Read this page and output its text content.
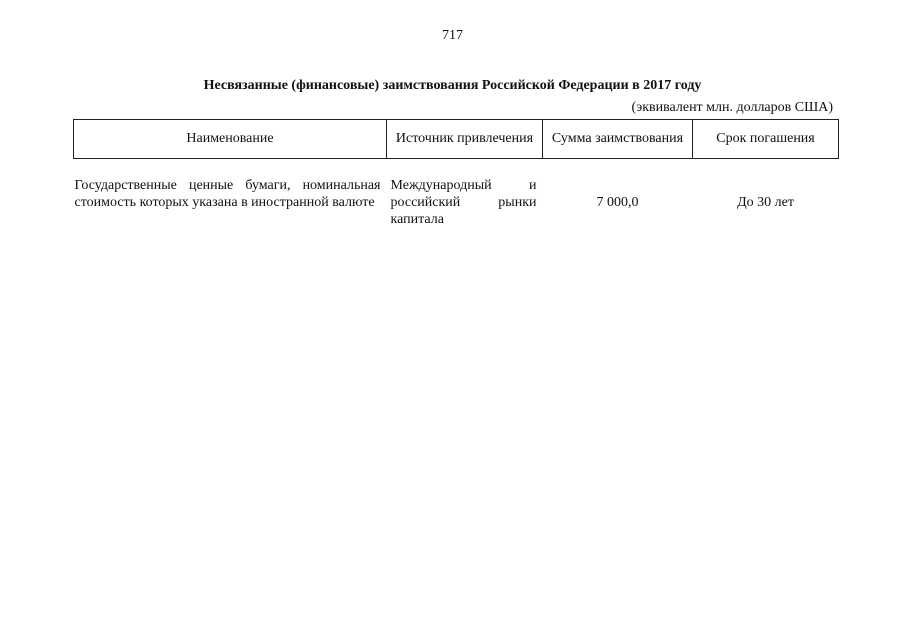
717
Несвязанные (финансовые) заимствования Российской Федерации в 2017 году
(эквивалент млн. долларов США)
Наименование	Источник привлечения	Сумма заимствования	Срок погашения
Государственные ценные бумаги, номинальная стоимость которых указана в иностранной валюте	Международный и российский рынки капитала	7 000,0	До 30 лет
